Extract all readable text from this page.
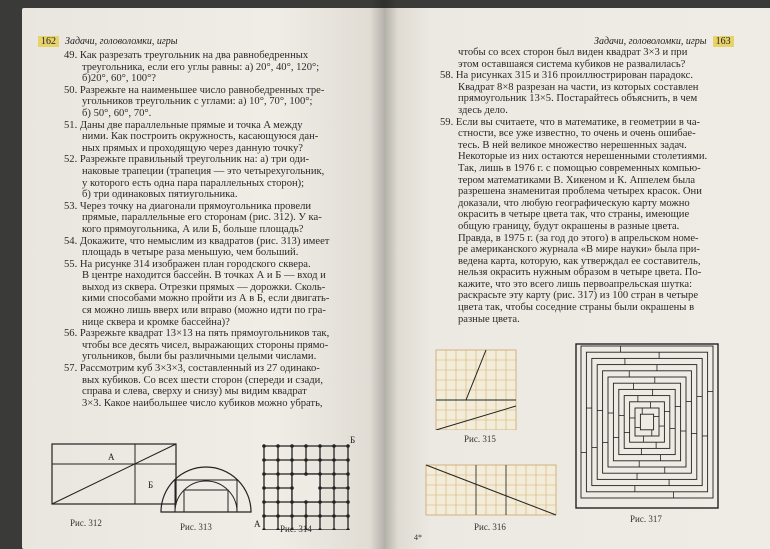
162 Задачи, головоломки, игры
49. Как разрезать треугольник на два равнобедренных
треугольника, если его углы равны: а) 20°, 40°, 120°;
б)20°, 60°, 100°?
50. Разрежьте на наименьшее число равнобедренных тре-
угольников треугольник с углами: а) 10°, 70°, 100°;
б) 50°, 60°, 70°.
51. Даны две параллельные прямые и точка A между
ними. Как построить окружность, касающуюся дан-
ных прямых и проходящую через данную точку?
52. Разрежьте правильный треугольник на: а) три оди-
наковые трапеции (трапеция — это четырехугольник,
у которого есть одна пара параллельных сторон);
б) три одинаковых пятиугольника.
53. Через точку на диагонали прямоугольника провели
прямые, параллельные его сторонам (рис. 312). У ка-
кого прямоугольника, А или Б, больше площадь?
54. Докажите, что немыслим из квадратов (рис. 313) имеет
площадь в четыре раза меньшую, чем больший.
55. На рисунке 314 изображен план городского сквера.
В центре находится бассейн. В точках А и Б — вход и
выход из сквера. Отрезки прямых — дорожки. Сколь-
кими способами можно пройти из А в Б, если двигать-
ся можно лишь вверх или вправо (можно идти по гра-
нице сквера и кромке бассейна)?
56. Разрежьте квадрат 13×13 на пять прямоугольников так,
чтобы все десять чисел, выражающих стороны прямо-
угольников, были бы различными целыми числами.
57. Рассмотрим куб 3×3×3, составленный из 27 одинако-
вых кубиков. Со всех шести сторон (спереди и сзади,
справа и слева, сверху и снизу) мы видим квадрат
3×3. Какое наибольшее число кубиков можно убрать,
А
Б
Рис. 312	Рис. 313
Б
А Рис. 314
Задачи, головоломки, игры 163
чтобы со всех сторон был виден квадрат 3×3 и при
этом оставшаяся система кубиков не развалилась?
58. На рисунках 315 и 316 проиллюстрирован парадокс.
Квадрат 8×8 разрезан на части, из которых составлен
прямоугольник 13×5. Постарайтесь объяснить, в чем
здесь дело.
59. Если вы считаете, что в математике, в геометрии в ча-
стности, все уже известно, то очень и очень ошибае-
тесь. В ней великое множество нерешенных задач.
Некоторые из них остаются нерешенными столетиями.
Так, лишь в 1976 г. с помощью современных компью-
тером математиками В. Хикеном и К. Аппелем была
разрешена знаменитая проблема четырех красок. Они
доказали, что любую географическую карту можно
окрасить в четыре цвета так, что страны, имеющие
общую границу, будут окрашены в разные цвета.
Правда, в 1975 г. (за год до этого) в апрельском номе-
ре американского журнала «В мире науки» была при-
ведена карта, которую, как утверждал ее составитель,
нельзя окрасить нужным образом в четыре цвета. По-
кажите, что это всего лишь первоапрельская шутка:
раскрасьте эту карту (рис. 317) из 100 стран в четыре
цвета так, чтобы соседние страны были окрашены в
разные цвета.
Рис. 315
Рис. 316
4*
Рис. 317
